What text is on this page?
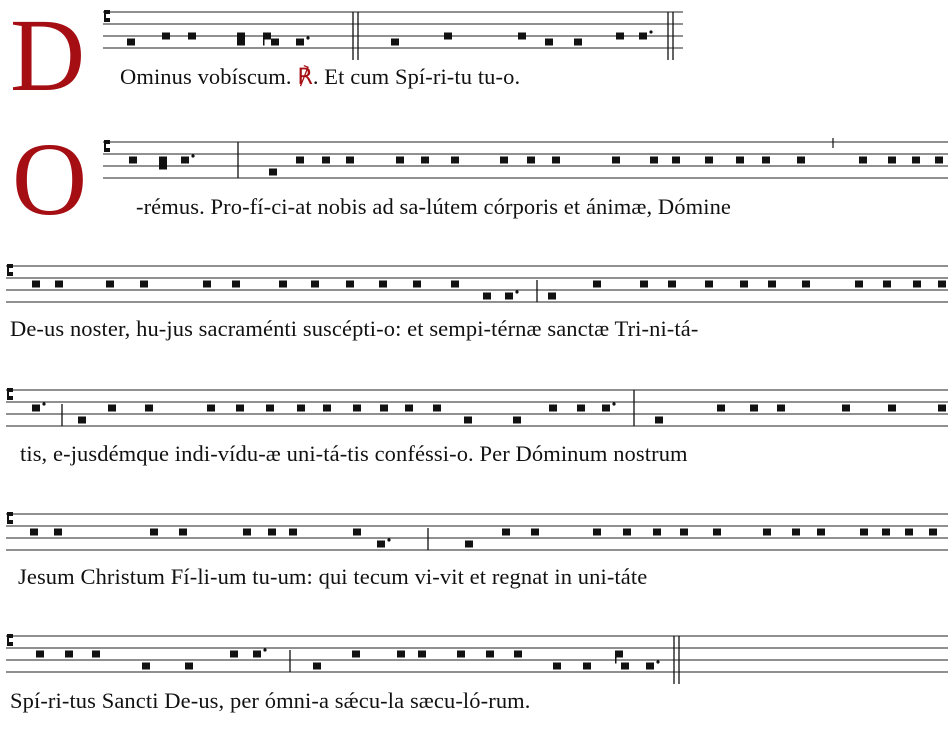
D Ominus vobíscum. ℟. Et cum Spí-ri-tu tu-o.
O -rémus. Pro-fí-ci-at nobis ad sa-lútem córporis et ánimæ, Dómine
De-us noster, hu-jus sacraménti suscépti-o: et sempi-térnæ sanctæ Tri-ni-tá-
tis, e-jusdémque indi-vídu-æ uni-tá-tis conféssi-o. Per Dóminum nostrum
Jesum Christum Fí-li-um tu-um: qui tecum vi-vit et regnat in uni-táte
Spí-ri-tus Sancti De-us, per ómni-a sǽcu-la sæcu-ló-rum.
